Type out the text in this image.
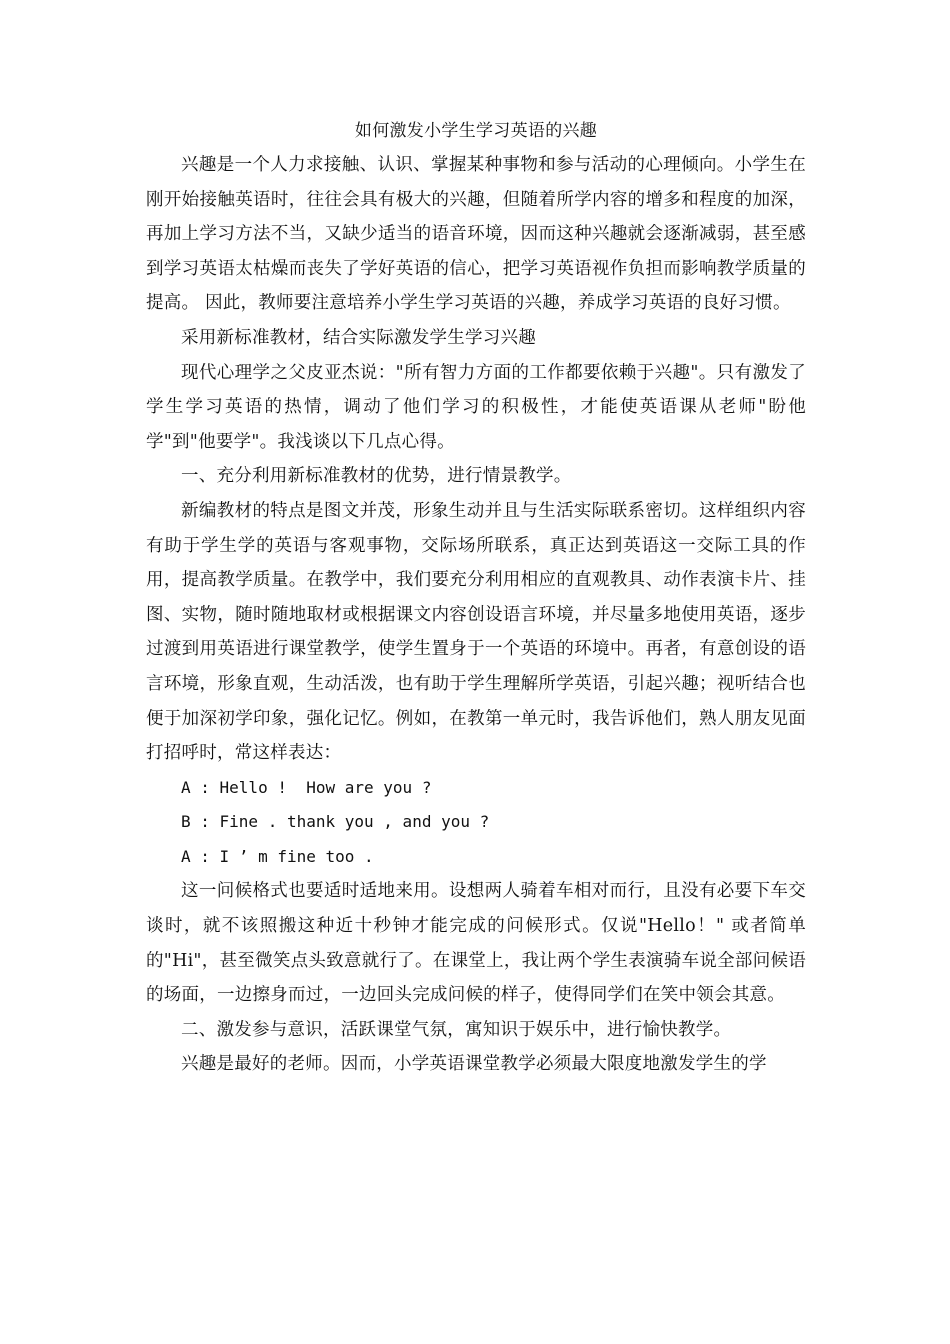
如何激发小学生学习英语的兴趣

兴趣是一个人力求接触、认识、掌握某种事物和参与活动的心理倾向。小学生在刚开始接触英语时，往往会具有极大的兴趣，但随着所学内容的增多和程度的加深，再加上学习方法不当，又缺少适当的语音环境，因而这种兴趣就会逐渐减弱，甚至感到学习英语太枯燥而丧失了学好英语的信心，把学习英语视作负担而影响教学质量的提高。 因此，教师要注意培养小学生学习英语的兴趣，养成学习英语的良好习惯。

采用新标准教材，结合实际激发学生学习兴趣

现代心理学之父皮亚杰说："所有智力方面的工作都要依赖于兴趣"。只有激发了学生学习英语的热情，调动了他们学习的积极性，才能使英语课从老师"盼他学"到"他要学"。我浅谈以下几点心得。

一、充分利用新标准教材的优势，进行情景教学。

新编教材的特点是图文并茂，形象生动并且与生活实际联系密切。这样组织内容有助于学生学的英语与客观事物，交际场所联系，真正达到英语这一交际工具的作用，提高教学质量。在教学中，我们要充分利用相应的直观教具、动作表演卡片、挂图、实物，随时随地取材或根据课文内容创设语言环境，并尽量多地使用英语，逐步过渡到用英语进行课堂教学，使学生置身于一个英语的环境中。再者，有意创设的语言环境，形象直观，生动活泼，也有助于学生理解所学英语，引起兴趣；视听结合也便于加深初学印象，强化记忆。例如，在教第一单元时，我告诉他们，熟人朋友见面打招呼时，常这样表达：

A : Hello !  How are you ?

B : Fine . thank you , and you ?

A : I ’ m fine too .

这一问候格式也要适时适地来用。设想两人骑着车相对而行，且没有必要下车交谈时，就不该照搬这种近十秒钟才能完成的问候形式。仅说"Hello！" 或者简单的"Hi"，甚至微笑点头致意就行了。在课堂上，我让两个学生表演骑车说全部问候语的场面，一边擦身而过，一边回头完成问候的样子，使得同学们在笑中领会其意。

二、激发参与意识，活跃课堂气氛，寓知识于娱乐中，进行愉快教学。

兴趣是最好的老师。因而，小学英语课堂教学必须最大限度地激发学生的学
